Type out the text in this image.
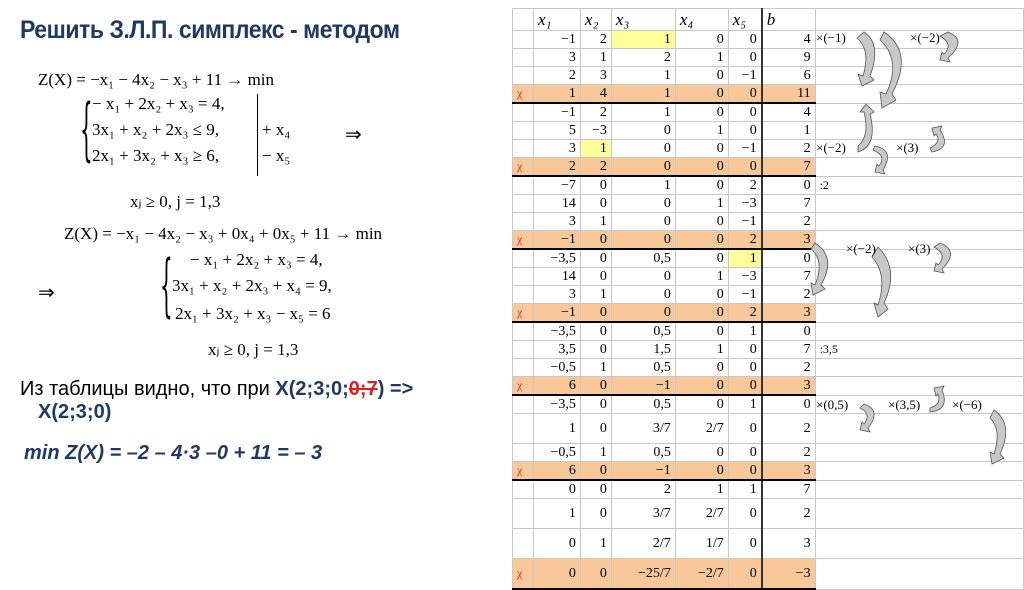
Решить З.Л.П. симплекс - методом
Z(X) = −x₁ − 4x₂ − x₃ + 11 → min
{ − x₁ + 2x₂ + x₃ = 4,
3x₁ + x₂ + 2x₃ ≤ 9,
2x₁ + 3x₂ + x₃ ≥ 6,
+ x₄
− x₅
⇒
xⱼ ≥ 0, j = 1,3
Z(X) = −x₁ − 4x₂ − x₃ + 0x₄ + 0x₅ + 11 → min
⇒	{ − x₁ + 2x₂ + x₃ = 4,
3x₁ + x₂ + 2x₃ + x₄ = 9,
2x₁ + 3x₂ + x₃ − x₅ = 6
xⱼ ≥ 0, j = 1,3
Из таблицы видно, что при X(2;3;0;0;7) =>
X(2;3;0)
min Z(X) = –2 – 4·3 –0 + 11 = – 3
	x₁	x₂	x₃	x₄	x₅	b	
	−1	2	1	0	0	4	
	3	1	2	1	0	9	
	2	3	1	0	−1	6	
χ	1	4	1	0	0	11	
	−1	2	1	0	0	4	
	5	−3	0	1	0	1	
	3	1	0	0	−1	2	
χ	2	2	0	0	0	7	
	−7	0	1	0	2	0	:2
	14	0	0	1	−3	7	
	3	1	0	0	−1	2	
χ	−1	0	0	0	2	3	
	−3,5	0	0,5	0	1	0	
	14	0	0	1	−3	7	
	3	1	0	0	−1	2	
χ	−1	0	0	0	2	3	
	−3,5	0	0,5	0	1	0	
	3,5	0	1,5	1	0	7	:3,5
	−0,5	1	0,5	0	0	2	
χ	6	0	−1	0	0	3	
	−3,5	0	0,5	0	1	0	
	1	0	3/7	2/7	0	2	
	−0,5	1	0,5	0	0	2	
χ	6	0	−1	0	0	3	
	0	0	2	1	1	7	
	1	0	3/7	2/7	0	2	
	0	1	2/7	1/7	0	3	
χ	0	0	−25/7	−2/7	0	−3	
×(−1)	×(−2)
×(−2)	×(3)
×(−2) ×(3)
×(0,5)	×(3,5) ×(−6)
